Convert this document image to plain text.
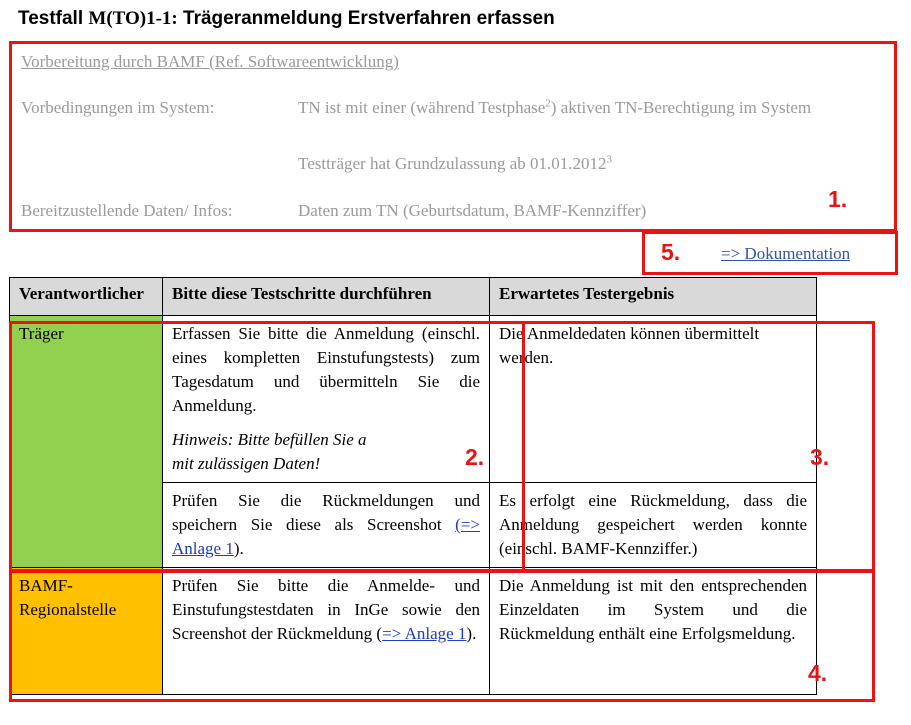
Testfall M(TO)1-1: Trägeranmeldung Erstverfahren erfassen
Vorbereitung durch BAMF (Ref. Softwareentwicklung)
Vorbedingungen im System:	TN ist mit einer (während Testphase$^2$) aktiven TN-Berechtigung im System
Testträger hat Grundzulassung ab 01.01.2012$^3$
Bereitzustellende Daten/ Infos:	Daten zum TN (Geburtsdatum, BAMF-Kennziffer)	1.
5. => Dokumentation
Verantwortlicher	Bitte diese Testschritte durchführen	Erwartetes Testergebnis
Träger	Erfassen Sie bitte die Anmeldung (einschl. eines kompletten Einstufungstests) zum Tagesdatum und übermitteln Sie die Anmeldung.
Hinweis: Bitte befüllen Sie a
mit zulässigen Daten!	Die Anmeldedaten können übermittelt werden.
	Prüfen Sie die Rückmeldungen und speichern Sie diese als Screenshot (=> Anlage 1).	Es erfolgt eine Rückmeldung, dass die Anmeldung gespeichert werden konnte (einschl. BAMF-Kennziffer.)
BAMF-Regionalstelle	Prüfen Sie bitte die Anmelde- und Einstufungstestdaten in InGe sowie den Screenshot der Rückmeldung (=> Anlage 1).	Die Anmeldung ist mit den entsprechenden Einzeldaten im System und die Rückmeldung enthält eine Erfolgsmeldung.
2.	3.
4.
